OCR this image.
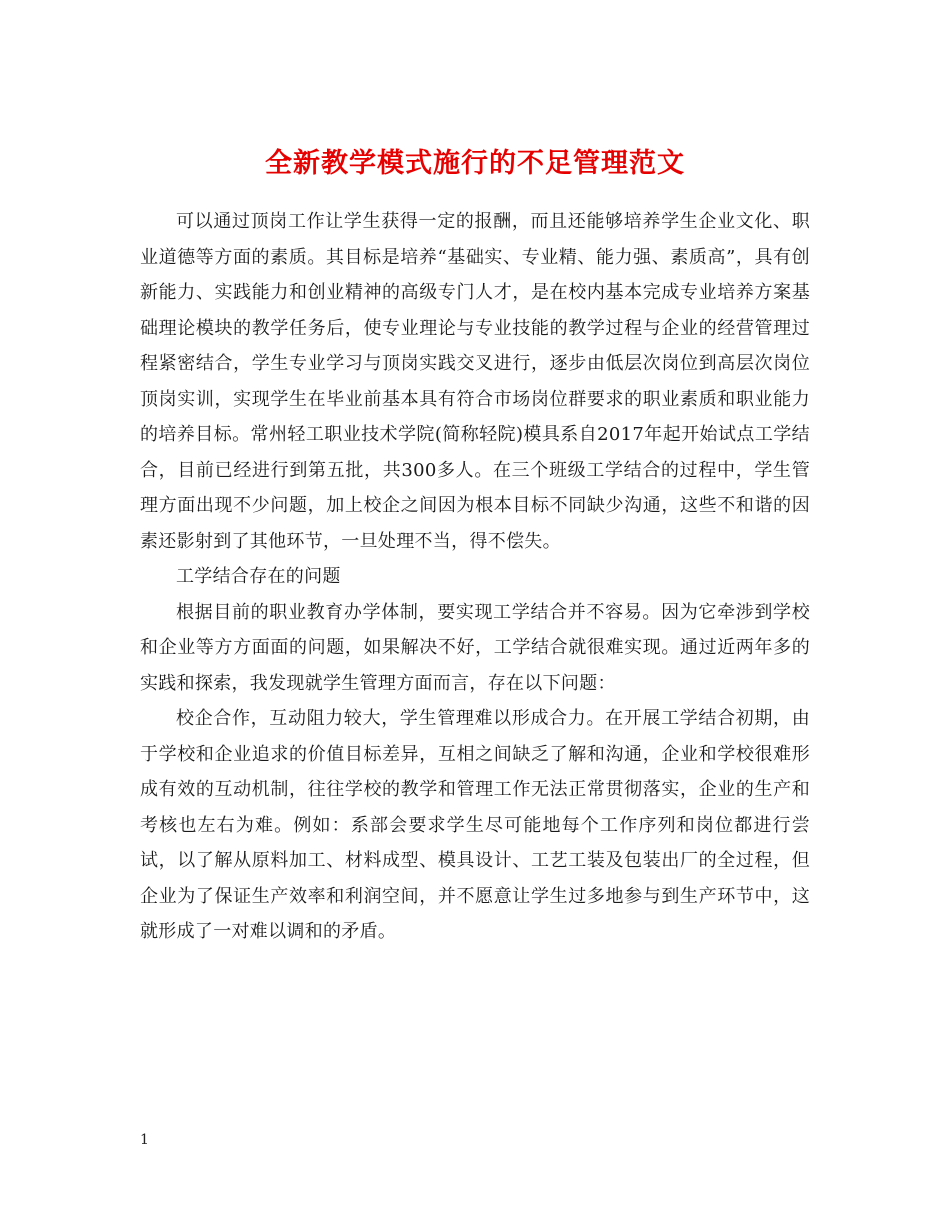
全新教学模式施行的不足管理范文

可以通过顶岗工作让学生获得一定的报酬，而且还能够培养学生企业文化、职业道德等方面的素质。其目标是培养“基础实、专业精、能力强、素质高”，具有创新能力、实践能力和创业精神的高级专门人才，是在校内基本完成专业培养方案基础理论模块的教学任务后，使专业理论与专业技能的教学过程与企业的经营管理过程紧密结合，学生专业学习与顶岗实践交叉进行，逐步由低层次岗位到高层次岗位顶岗实训，实现学生在毕业前基本具有符合市场岗位群要求的职业素质和职业能力的培养目标。常州轻工职业技术学院(简称轻院)模具系自2017年起开始试点工学结合，目前已经进行到第五批，共300多人。在三个班级工学结合的过程中，学生管理方面出现不少问题，加上校企之间因为根本目标不同缺少沟通，这些不和谐的因素还影射到了其他环节，一旦处理不当，得不偿失。

工学结合存在的问题

根据目前的职业教育办学体制，要实现工学结合并不容易。因为它牵涉到学校和企业等方方面面的问题，如果解决不好，工学结合就很难实现。通过近两年多的实践和探索，我发现就学生管理方面而言，存在以下问题：

校企合作，互动阻力较大，学生管理难以形成合力。在开展工学结合初期，由于学校和企业追求的价值目标差异，互相之间缺乏了解和沟通，企业和学校很难形成有效的互动机制，往往学校的教学和管理工作无法正常贯彻落实，企业的生产和考核也左右为难。例如：系部会要求学生尽可能地每个工作序列和岗位都进行尝试，以了解从原料加工、材料成型、模具设计、工艺工装及包装出厂的全过程，但企业为了保证生产效率和利润空间，并不愿意让学生过多地参与到生产环节中，这就形成了一对难以调和的矛盾。

1
